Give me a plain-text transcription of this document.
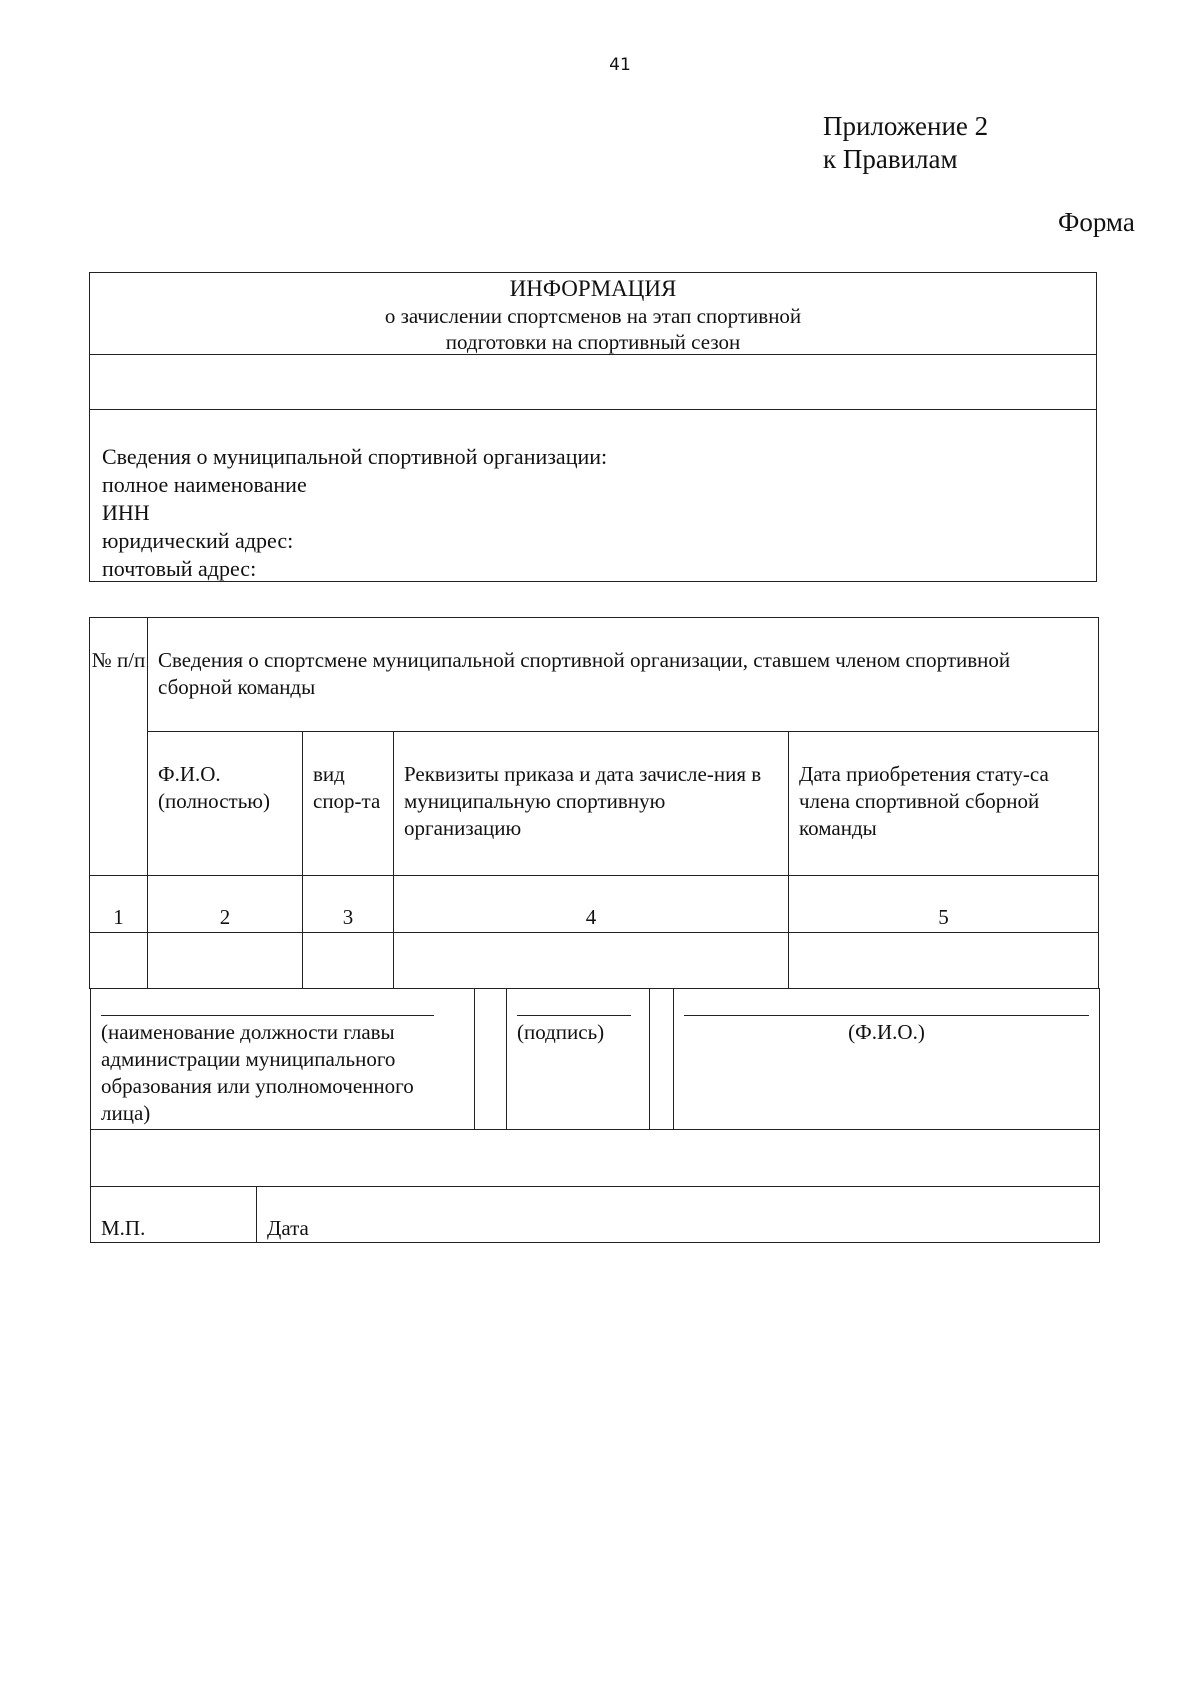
41
Приложение 2
к Правилам
Форма
ИНФОРМАЦИЯ
о зачислении спортсменов на этап спортивной
подготовки на спортивный сезон
Сведения о муниципальной спортивной организации:
полное наименование
ИНН
юридический адрес:
почтовый адрес:
№ п/п	Сведения о спортсмене муниципальной спортивной организации, ставшем членом спортивной сборной команды			
	Ф.И.О. (полностью)	вид спор-та	Реквизиты приказа и дата зачисле-ния в муниципальную спортивную организацию	Дата приобретения стату-са члена спортивной сборной команды
1	2	3	4	5

(наименование должности главы администрации муниципального образования или уполномоченного лица)			(подпись)		(Ф.И.О.)

М.П.	Дата				
